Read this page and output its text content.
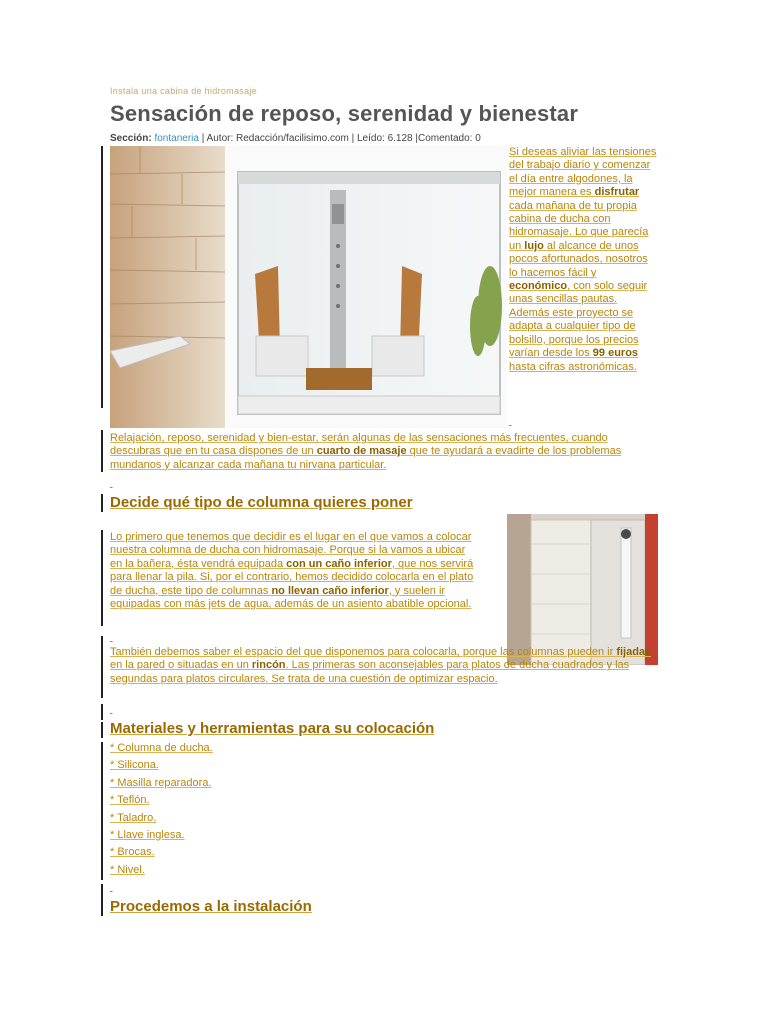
Instala una cabina de hidromasaje

Sensación de reposo, serenidad y bienestar

Sección: fontaneria | Autor: Redacción/facilisimo.com | Leído: 6.128 |Comentado: 0

Si deseas aliviar las tensiones del trabajo diario y comenzar el día entre algodones, la mejor manera es disfrutar cada mañana de tu propia cabina de ducha con hidromasaje. Lo que parecía un lujo al alcance de unos pocos afortunados, nosotros lo hacemos fácil y económico, con solo seguir unas sencillas pautas. Además este proyecto se adapta a cualquier tipo de bolsillo, porque los precios varían desde los 99 euros hasta cifras astronómicas.

Relajación, reposo, serenidad y bien-estar, serán algunas de las sensaciones más frecuentes, cuando descubras que en tu casa dispones de un cuarto de masaje que te ayudará a evadirte de los problemas mundanos y alcanzar cada mañana tu nirvana particular.

Decide qué tipo de columna quieres poner
Lo primero que tenemos que decidir es el lugar en el que vamos a colocar nuestra columna de ducha con hidromasaje. Porque si la vamos a ubicar en la bañera, ésta vendrá equipada con un caño inferior, que nos servirá para llenar la pila. Si, por el contrario, hemos decidido colocarla en el plato de ducha, este tipo de columnas no llevan caño inferior, y suelen ir equipadas con más jets de agua, además de un asiento abatible opcional.

También debemos saber el espacio del que disponemos para colocarla, porque las columnas pueden ir fijadas en la pared o situadas en un rincón. Las primeras son aconsejables para platos de ducha cuadrados y las segundas para platos circulares. Se trata de una cuestión de optimizar espacio.

Materiales y herramientas para su colocación
* Columna de ducha.
* Silicona.
* Masilla reparadora.
* Teflón.
* Taladro.
* Llave inglesa.
* Brocas.
* Nivel.

Procedemos a la instalación
